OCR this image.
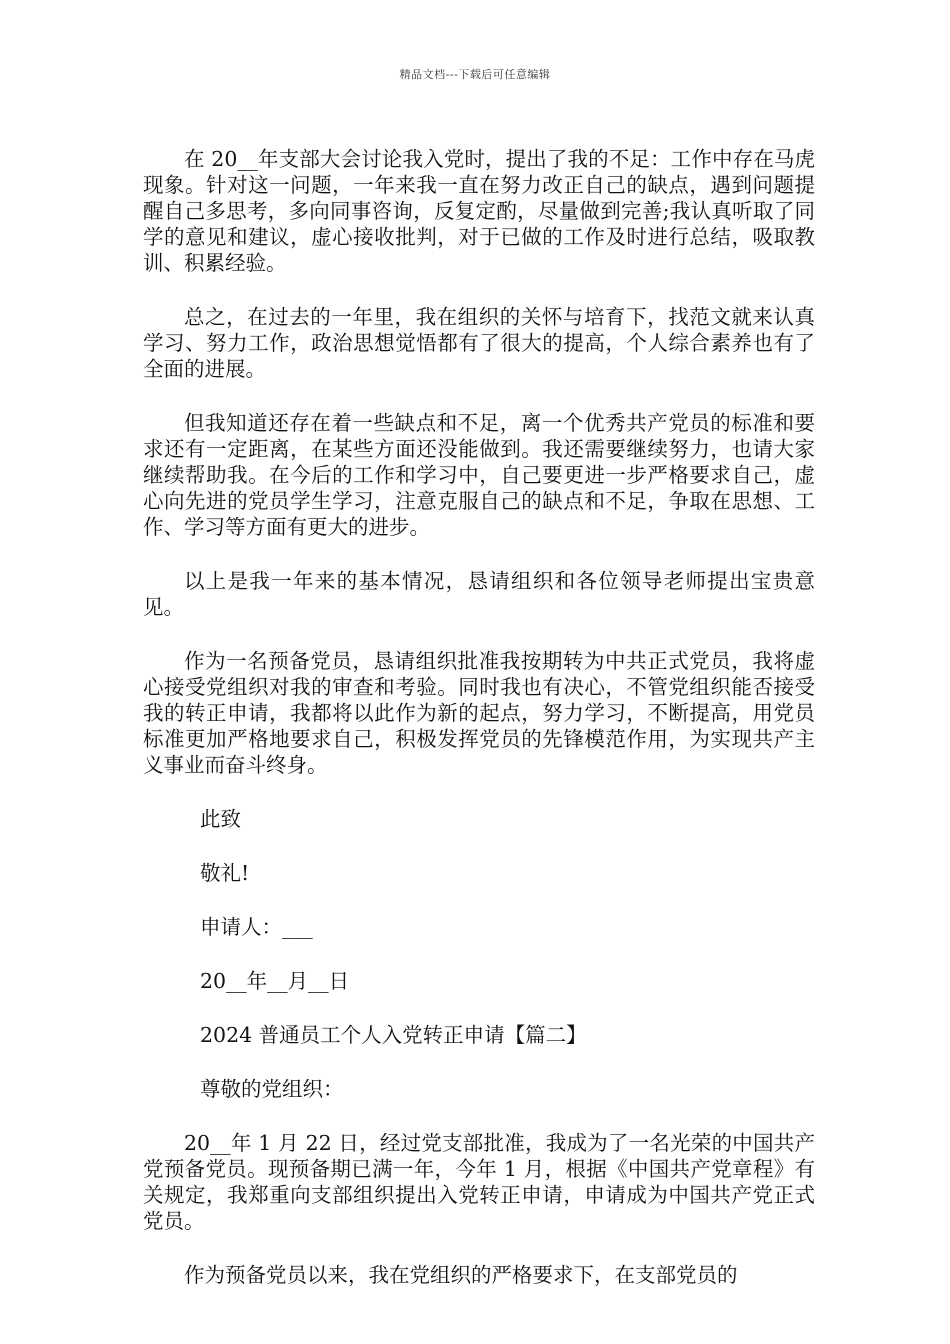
精品文档---下载后可任意编辑

在 20__年支部大会讨论我入党时，提出了我的不足：工作中存在马虎现象。针对这一问题，一年来我一直在努力改正自己的缺点，遇到问题提醒自己多思考，多向同事咨询，反复定酌，尽量做到完善;我认真听取了同学的意见和建议，虚心接收批判，对于已做的工作及时进行总结，吸取教训、积累经验。

总之，在过去的一年里，我在组织的关怀与培育下，找范文就来认真学习、努力工作，政治思想觉悟都有了很大的提高，个人综合素养也有了全面的进展。

但我知道还存在着一些缺点和不足，离一个优秀共产党员的标准和要求还有一定距离，在某些方面还没能做到。我还需要继续努力，也请大家继续帮助我。在今后的工作和学习中，自己要更进一步严格要求自己，虚心向先进的党员学生学习，注意克服自己的缺点和不足，争取在思想、工作、学习等方面有更大的进步。

以上是我一年来的基本情况，恳请组织和各位领导老师提出宝贵意见。

作为一名预备党员，恳请组织批准我按期转为中共正式党员，我将虚心接受党组织对我的审查和考验。同时我也有决心，不管党组织能否接受我的转正申请，我都将以此作为新的起点，努力学习，不断提高，用党员标准更加严格地要求自己，积极发挥党员的先锋模范作用，为实现共产主义事业而奋斗终身。

此致
敬礼!
申请人：___
20__年__月__日
2024 普通员工个人入党转正申请【篇二】
尊敬的党组织：

20__年 1 月 22 日，经过党支部批准，我成为了一名光荣的中国共产党预备党员。现预备期已满一年，今年 1 月，根据《中国共产党章程》有关规定，我郑重向支部组织提出入党转正申请，申请成为中国共产党正式党员。

作为预备党员以来，我在党组织的严格要求下，在支部党员的
